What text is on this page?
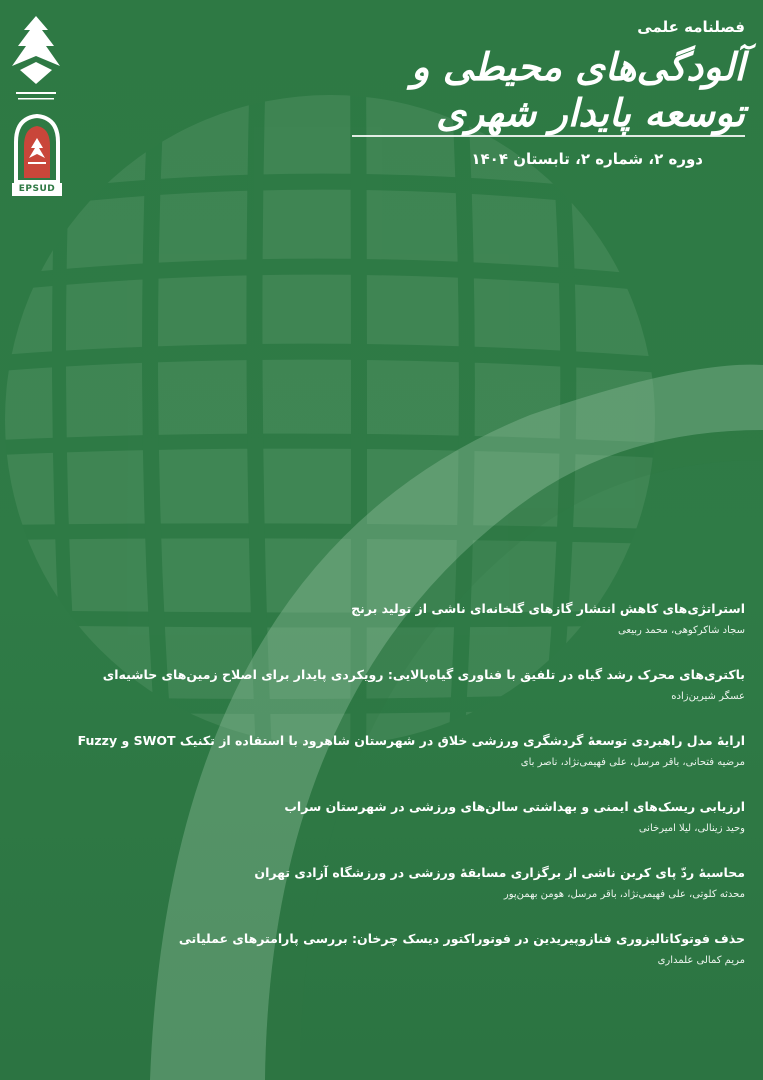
EPSUD
فصلنامه علمی
آلودگی‌های محیطی و توسعه پایدار شهری
دوره ۲، شماره ۲، تابستان ۱۴۰۴
استراتژی‌های کاهش انتشار گازهای گلخانه‌ای ناشی از تولید برنج
سجاد شاکرکوهی، محمد ربیعی
باکتری‌های محرک رشد گیاه در تلفیق با فناوری گیاه‌پالایی: رویکردی پایدار برای اصلاح زمین‌های حاشیه‌ای
عسگر شیرین‌زاده
ارایهٔ مدل راهبردی توسعهٔ گردشگری ورزشی خلاق در شهرستان شاهرود با استفاده از تکنیک SWOT و Fuzzy
مرضیه فتحانی، باقر مرسل، علی فهیمی‌نژاد، ناصر بای
ارزیابی ریسک‌های ایمنی و بهداشتی سالن‌های ورزشی در شهرستان سراب
وحید زینالی، لیلا امیرخانی
محاسبهٔ ردّ پای کربن ناشی از برگزاری مسابقهٔ ورزشی در ورزشگاه آزادی تهران
محدثه کلوتی، علی فهیمی‌نژاد، باقر مرسل، هومن بهمن‌پور
حذف فوتوکاتالیزوری فنازوپیریدین در فوتوراکتور دیسک چرخان: بررسی پارامترهای عملیاتی
مریم کمالی علمداری
